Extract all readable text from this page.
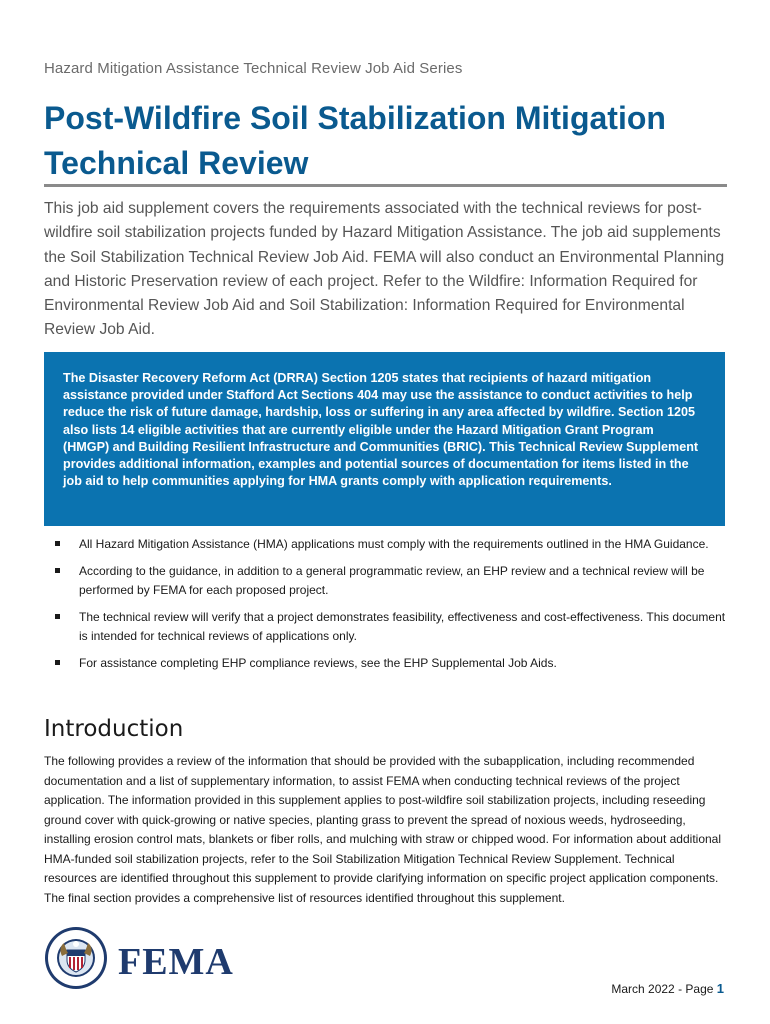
Hazard Mitigation Assistance Technical Review Job Aid Series
Post-Wildfire Soil Stabilization Mitigation Technical Review

This job aid supplement covers the requirements associated with the technical reviews for post-wildfire soil stabilization projects funded by Hazard Mitigation Assistance. The job aid supplements the Soil Stabilization Technical Review Job Aid. FEMA will also conduct an Environmental Planning and Historic Preservation review of each project. Refer to the Wildfire: Information Required for Environmental Review Job Aid and Soil Stabilization: Information Required for Environmental Review Job Aid.

The Disaster Recovery Reform Act (DRRA) Section 1205 states that recipients of hazard mitigation assistance provided under Stafford Act Sections 404 may use the assistance to conduct activities to help reduce the risk of future damage, hardship, loss or suffering in any area affected by wildfire. Section 1205 also lists 14 eligible activities that are currently eligible under the Hazard Mitigation Grant Program (HMGP) and Building Resilient Infrastructure and Communities (BRIC). This Technical Review Supplement provides additional information, examples and potential sources of documentation for items listed in the job aid to help communities applying for HMA grants comply with application requirements.

All Hazard Mitigation Assistance (HMA) applications must comply with the requirements outlined in the HMA Guidance.
According to the guidance, in addition to a general programmatic review, an EHP review and a technical review will be performed by FEMA for each proposed project.
The technical review will verify that a project demonstrates feasibility, effectiveness and cost-effectiveness. This document is intended for technical reviews of applications only.
For assistance completing EHP compliance reviews, see the EHP Supplemental Job Aids.
Introduction

The following provides a review of the information that should be provided with the subapplication, including recommended documentation and a list of supplementary information, to assist FEMA when conducting technical reviews of the project application. The information provided in this supplement applies to post-wildfire soil stabilization projects, including reseeding ground cover with quick-growing or native species, planting grass to prevent the spread of noxious weeds, hydroseeding, installing erosion control mats, blankets or fiber rolls, and mulching with straw or chipped wood. For information about additional HMA-funded soil stabilization projects, refer to the Soil Stabilization Mitigation Technical Review Supplement. Technical resources are identified throughout this supplement to provide clarifying information on specific project application components. The final section provides a comprehensive list of resources identified throughout this supplement.

FEMA
March 2022 - Page 1
